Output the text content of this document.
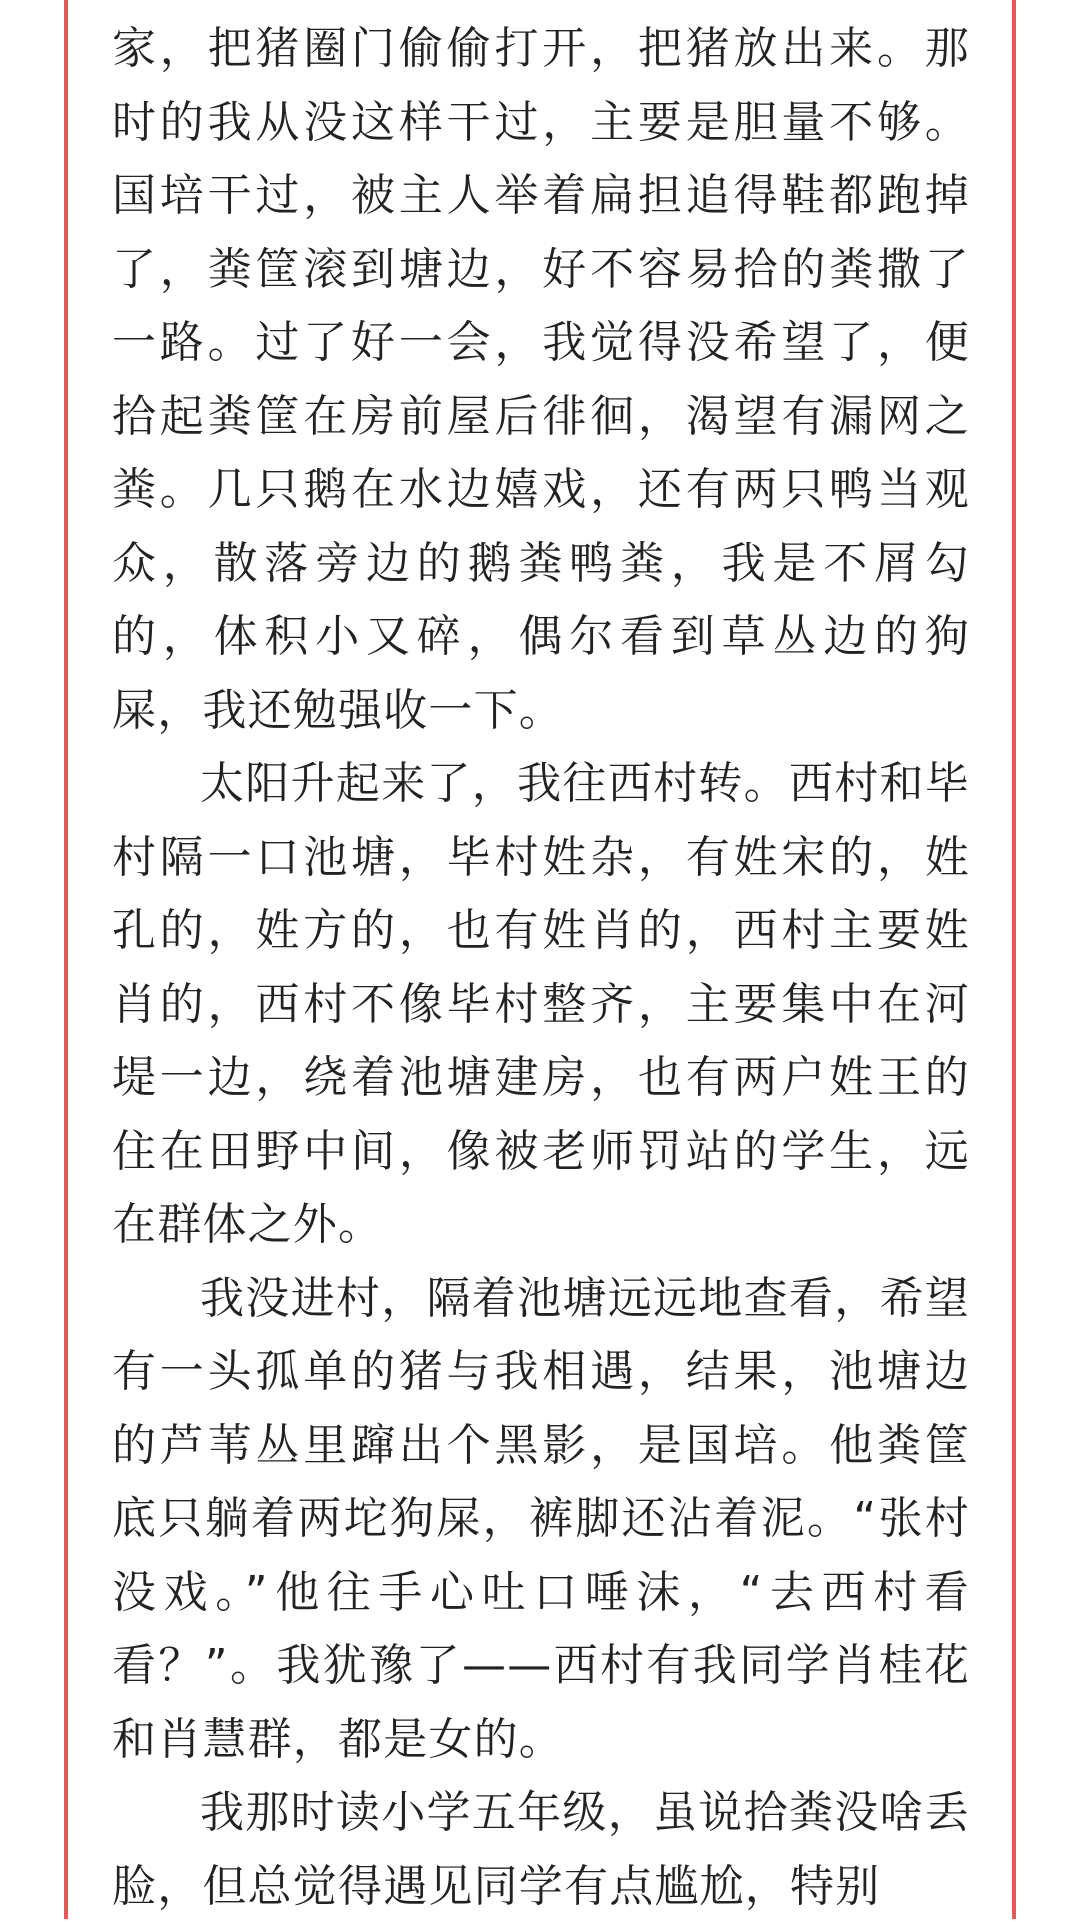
家，把猪圈门偷偷打开，把猪放出来。那时的我从没这样干过，主要是胆量不够。国培干过，被主人举着扁担追得鞋都跑掉了，粪筐滚到塘边，好不容易拾的粪撒了一路。过了好一会，我觉得没希望了，便拾起粪筐在房前屋后徘徊，渴望有漏网之粪。几只鹅在水边嬉戏，还有两只鸭当观众，散落旁边的鹅粪鸭粪，我是不屑勾的，体积小又碎，偶尔看到草丛边的狗屎，我还勉强收一下。

太阳升起来了，我往西村转。西村和毕村隔一口池塘，毕村姓杂，有姓宋的，姓孔的，姓方的，也有姓肖的，西村主要姓肖的，西村不像毕村整齐，主要集中在河堤一边，绕着池塘建房，也有两户姓王的住在田野中间，像被老师罚站的学生，远在群体之外。

我没进村，隔着池塘远远地查看，希望有一头孤单的猪与我相遇，结果，池塘边的芦苇丛里蹿出个黑影，是国培。他粪筐底只躺着两坨狗屎，裤脚还沾着泥。“张村没戏。”他往手心吐口唾沫，“去西村看看？”。我犹豫了——西村有我同学肖桂花和肖慧群，都是女的。

我那时读小学五年级，虽说拾粪没啥丢脸，但总觉得遇见同学有点尴尬，特别
